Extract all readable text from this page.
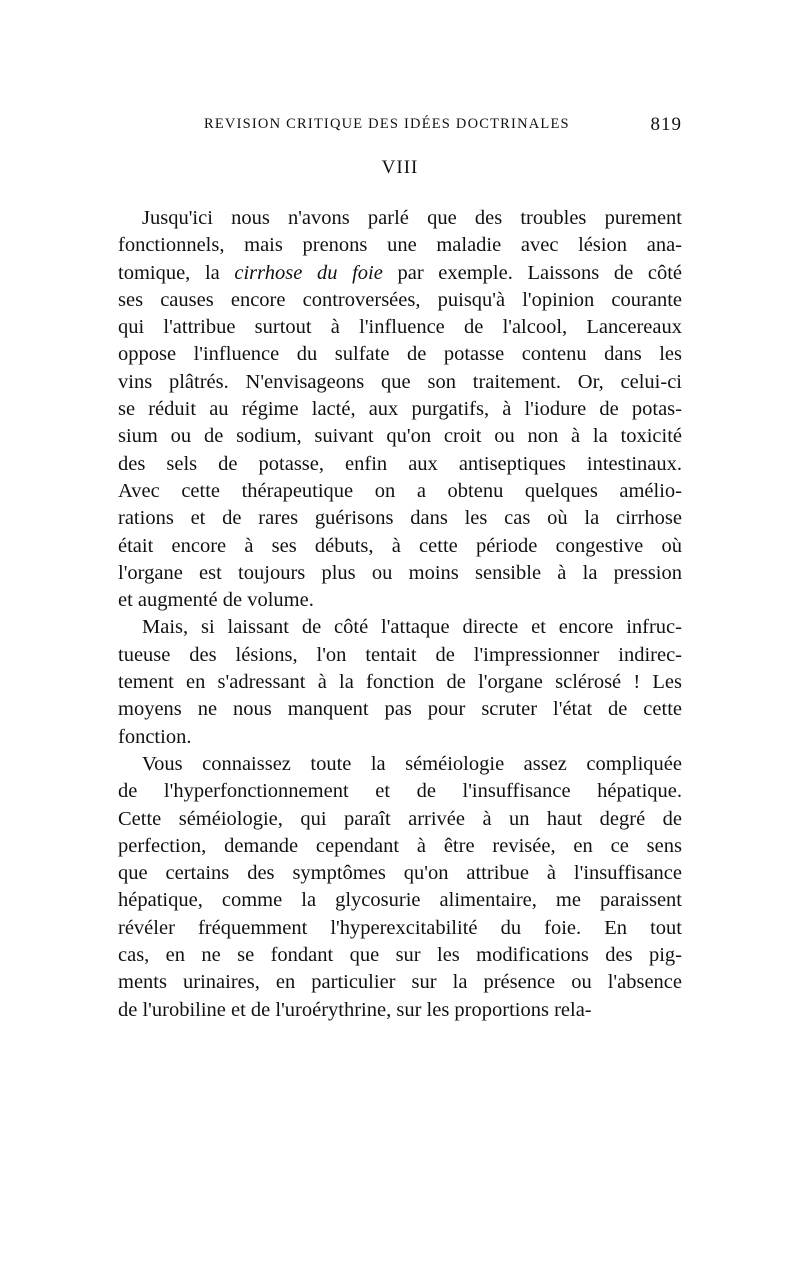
REVISION CRITIQUE DES IDÉES DOCTRINALES	819
VIII
Jusqu'ici nous n'avons parlé que des troubles purement
fonctionnels, mais prenons une maladie avec lésion ana-
tomique, la cirrhose du foie par exemple. Laissons de côté
ses causes encore controversées, puisqu'à l'opinion courante
qui l'attribue surtout à l'influence de l'alcool, Lancereaux
oppose l'influence du sulfate de potasse contenu dans les
vins plâtrés. N'envisageons que son traitement. Or, celui-ci
se réduit au régime lacté, aux purgatifs, à l'iodure de potas-
sium ou de sodium, suivant qu'on croit ou non à la toxicité
des sels de potasse, enfin aux antiseptiques intestinaux.
Avec cette thérapeutique on a obtenu quelques amélio-
rations et de rares guérisons dans les cas où la cirrhose
était encore à ses débuts, à cette période congestive où
l'organe est toujours plus ou moins sensible à la pression
et augmenté de volume.
Mais, si laissant de côté l'attaque directe et encore infruc-
tueuse des lésions, l'on tentait de l'impressionner indirec-
tement en s'adressant à la fonction de l'organe sclérosé ! Les
moyens ne nous manquent pas pour scruter l'état de cette
fonction.
Vous connaissez toute la séméiologie assez compliquée
de l'hyperfonctionnement et de l'insuffisance hépatique.
Cette séméiologie, qui paraît arrivée à un haut degré de
perfection, demande cependant à être revisée, en ce sens
que certains des symptômes qu'on attribue à l'insuffisance
hépatique, comme la glycosurie alimentaire, me paraissent
révéler fréquemment l'hyperexcitabilité du foie. En tout
cas, en ne se fondant que sur les modifications des pig-
ments urinaires, en particulier sur la présence ou l'absence
de l'urobiline et de l'uroérythrine, sur les proportions rela-
